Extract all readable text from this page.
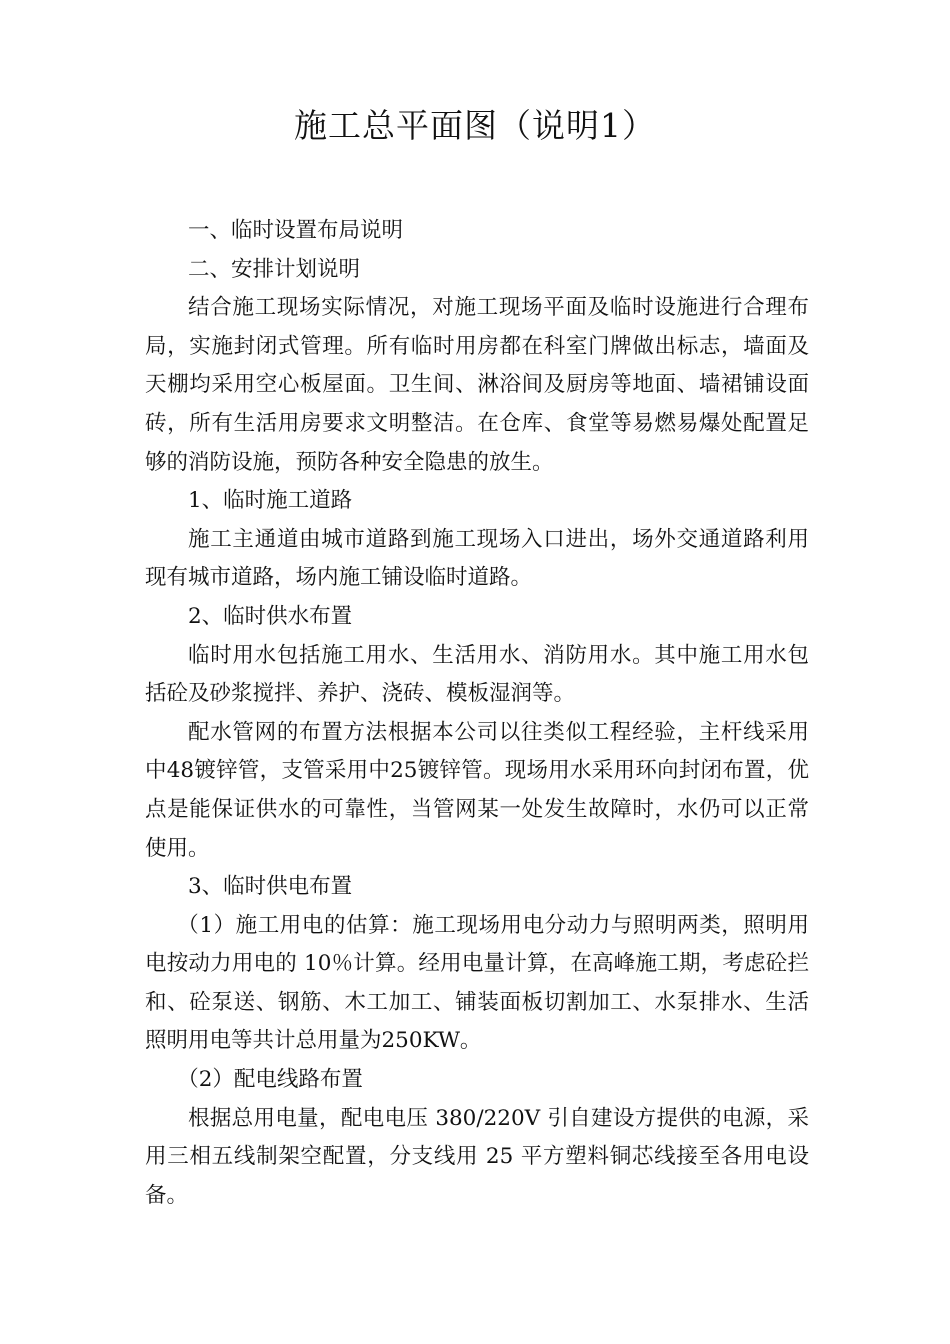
施工总平面图（说明1）

一、临时设置布局说明

二、安排计划说明

结合施工现场实际情况，对施工现场平面及临时设施进行合理布局，实施封闭式管理。所有临时用房都在科室门牌做出标志，墙面及天棚均采用空心板屋面。卫生间、淋浴间及厨房等地面、墙裙铺设面砖，所有生活用房要求文明整洁。在仓库、食堂等易燃易爆处配置足够的消防设施，预防各种安全隐患的放生。

1、临时施工道路

施工主通道由城市道路到施工现场入口进出，场外交通道路利用现有城市道路，场内施工铺设临时道路。

2、临时供水布置

临时用水包括施工用水、生活用水、消防用水。其中施工用水包括砼及砂浆搅拌、养护、浇砖、模板湿润等。

配水管网的布置方法根据本公司以往类似工程经验，主杆线采用中48镀锌管，支管采用中25镀锌管。现场用水采用环向封闭布置，优点是能保证供水的可靠性，当管网某一处发生故障时，水仍可以正常使用。

3、临时供电布置

（1）施工用电的估算：施工现场用电分动力与照明两类，照明用电按动力用电的 10％计算。经用电量计算，在高峰施工期，考虑砼拦和、砼泵送、钢筋、木工加工、铺装面板切割加工、水泵排水、生活照明用电等共计总用量为250KW。

（2）配电线路布置

根据总用电量，配电电压 380/220V 引自建设方提供的电源，采用三相五线制架空配置，分支线用 25 平方塑料铜芯线接至各用电设备。
